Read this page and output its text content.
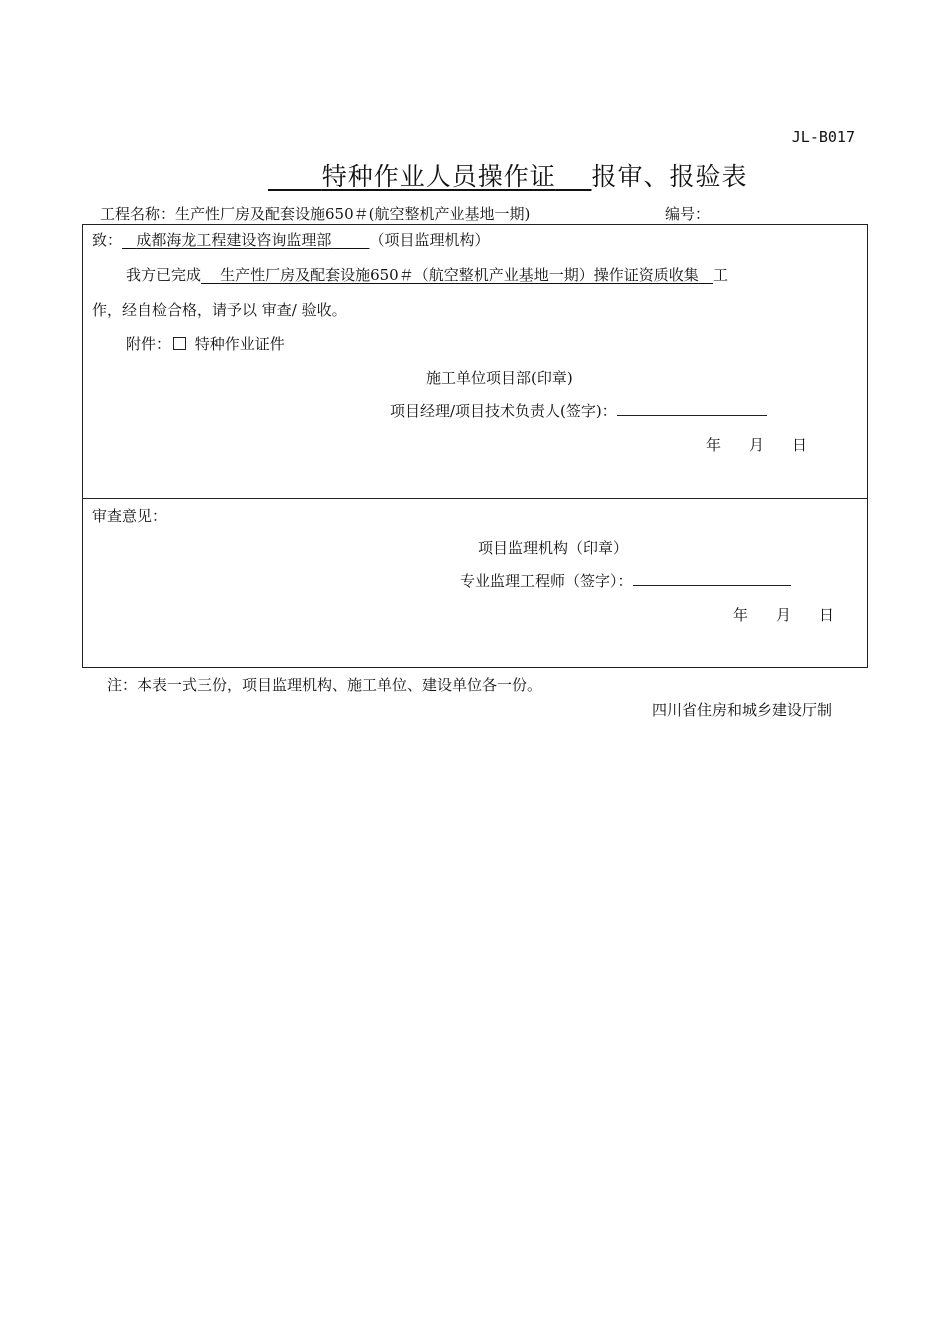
JL-B017
特种作业人员操作证 报审、报验表
工程名称：生产性厂房及配套设施650＃(航空整机产业基地一期)	编号：
致： 成都海龙工程建设咨询监理部	（项目监理机构）
我方已完成 生产性厂房及配套设施650＃（航空整机产业基地一期）操作证资质收集 工
作，经自检合格，请予以 审查/ 验收。
附件： 特种作业证件
施工单位项目部(印章)
项目经理/项目技术负责人(签字)：
年 月 日
审查意见：
项目监理机构（印章）
专业监理工程师（签字）：
年 月 日
注：本表一式三份，项目监理机构、施工单位、建设单位各一份。
四川省住房和城乡建设厅制
